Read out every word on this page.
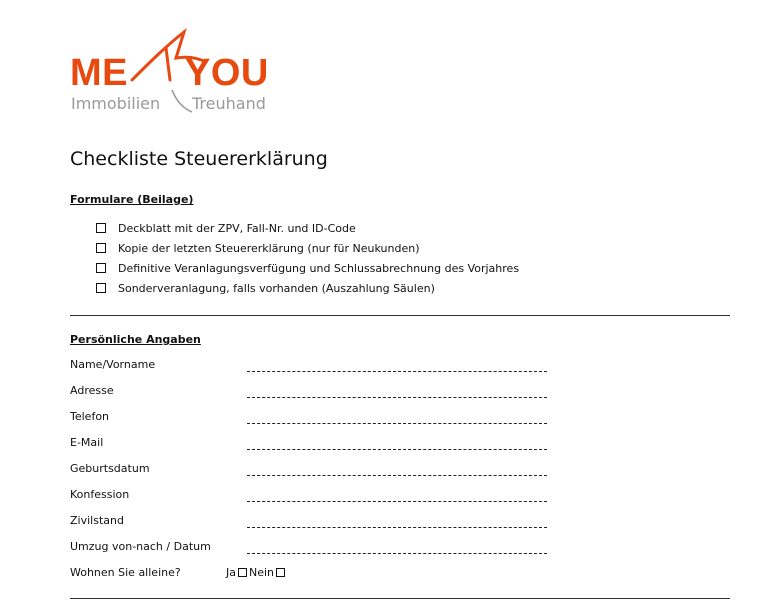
ME YOU
Immobilien Treuhand
Checkliste Steuererklärung

Formulare (Beilage)

Deckblatt mit der ZPV, Fall-Nr. und ID-Code
Kopie der letzten Steuererklärung (nur für Neukunden)
Definitive Veranlagungsverfügung und Schlussabrechnung des Vorjahres
Sonderveranlagung, falls vorhanden (Auszahlung Säulen)

Persönliche Angaben

Name/Vorname
Adresse
Telefon
E-Mail
Geburtsdatum
Konfession
Zivilstand
Umzug von-nach / Datum
Wohnen Sie alleine?	Ja Nein
